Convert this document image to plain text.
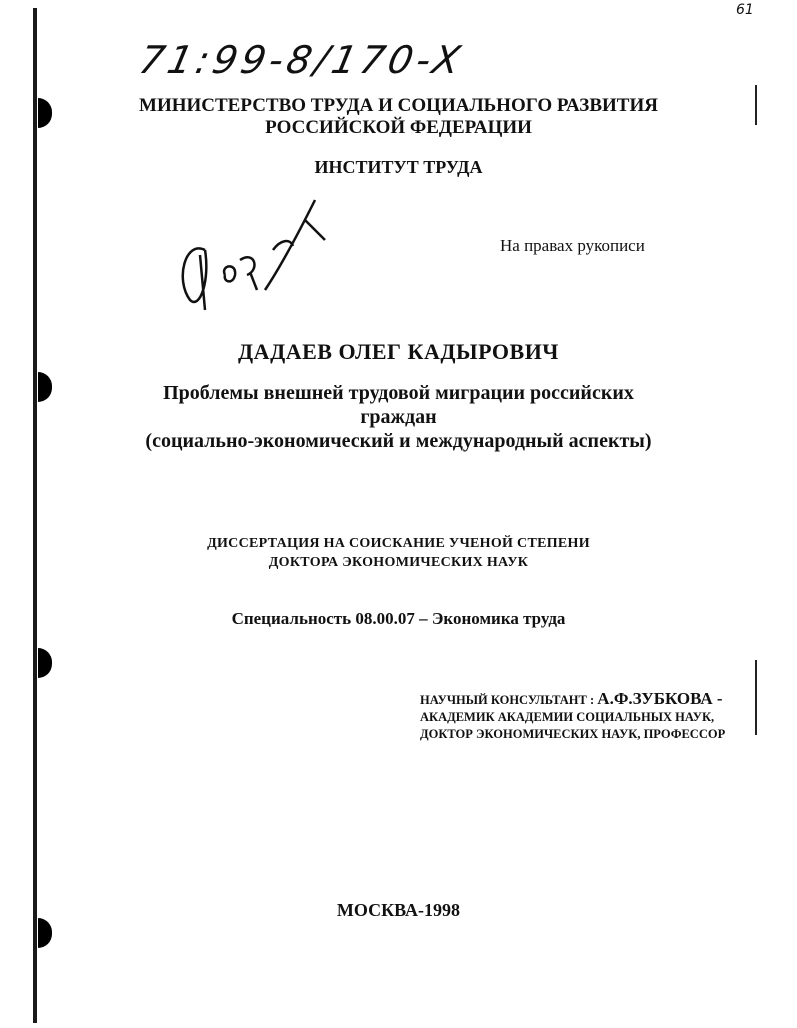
71:99-8/170-X
61
МИНИСТЕРСТВО ТРУДА И СОЦИАЛЬНОГО РАЗВИТИЯ
РОССИЙСКОЙ ФЕДЕРАЦИИ
ИНСТИТУТ ТРУДА
На правах рукописи
ДАДАЕВ ОЛЕГ КАДЫРОВИЧ
Проблемы внешней трудовой миграции российских
граждан
(социально-экономический и международный аспекты)
ДИССЕРТАЦИЯ НА СОИСКАНИЕ УЧЕНОЙ СТЕПЕНИ
ДОКТОРА ЭКОНОМИЧЕСКИХ НАУК
Специальность 08.00.07 – Экономика труда
НАУЧНЫЙ КОНСУЛЬТАНТ : А.Ф.ЗУБКОВА -
АКАДЕМИК АКАДЕМИИ СОЦИАЛЬНЫХ НАУК,
ДОКТОР ЭКОНОМИЧЕСКИХ НАУК, ПРОФЕССОР
МОСКВА-1998
